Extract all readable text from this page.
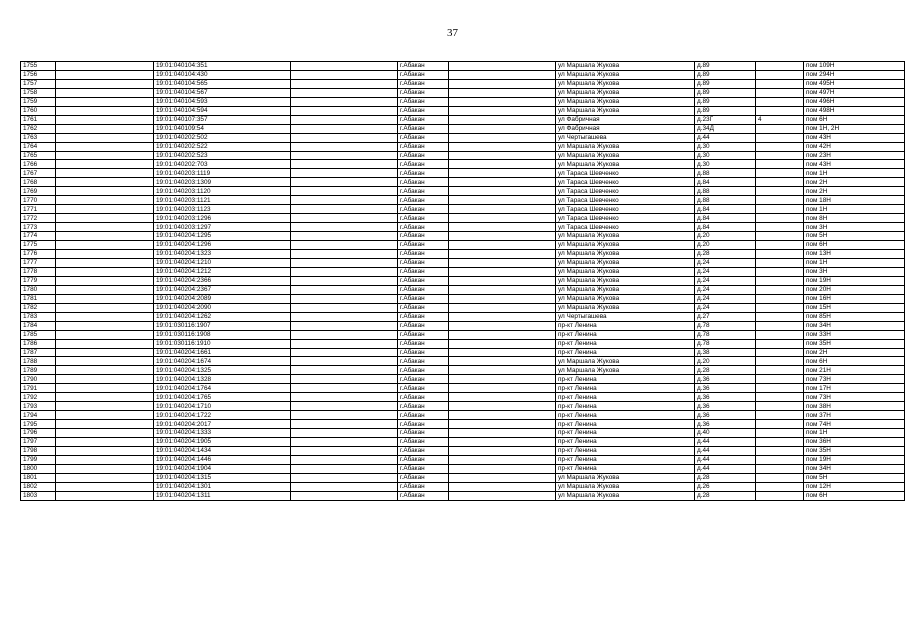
37
1755		19:01:040104:351		г.Абакан		ул Маршала Жукова	д.89		пом 109Н
1756		19:01:040104:430		г.Абакан		ул Маршала Жукова	д.89		пом 294Н
1757		19:01:040104:565		г.Абакан		ул Маршала Жукова	д.89		пом 495Н
1758		19:01:040104:567		г.Абакан		ул Маршала Жукова	д.89		пом 497Н
1759		19:01:040104:593		г.Абакан		ул Маршала Жукова	д.89		пом 496Н
1760		19:01:040104:594		г.Абакан		ул Маршала Жукова	д.89		пом 498Н
1761		19:01:040107:357		г.Абакан		ул Фабричная	д.23Г	4	пом 6Н
1762		19:01:040109:54		г.Абакан		ул Фабричная	д.34Д		пом 1Н, 2Н
1763		19:01:040202:502		г.Абакан		ул Чертыгашева	д.44		пом 43Н
1764		19:01:040202:522		г.Абакан		ул Маршала Жукова	д.30		пом 42Н
1765		19:01:040202:523		г.Абакан		ул Маршала Жукова	д.30		пом 23Н
1766		19:01:040202:703		г.Абакан		ул Маршала Жукова	д.30		пом 43Н
1767		19:01:040203:1119		г.Абакан		ул Тараса Шевченко	д.88		пом 1Н
1768		19:01:040203:1309		г.Абакан		ул Тараса Шевченко	д.84		пом 2Н
1769		19:01:040203:1120		г.Абакан		ул Тараса Шевченко	д.88		пом 2Н
1770		19:01:040203:1121		г.Абакан		ул Тараса Шевченко	д.88		пом 18Н
1771		19:01:040203:1123		г.Абакан		ул Тараса Шевченко	д.84		пом 1Н
1772		19:01:040203:1296		г.Абакан		ул Тараса Шевченко	д.84		пом 8Н
1773		19:01:040203:1297		г.Абакан		ул Тараса Шевченко	д.84		пом 3Н
1774		19:01:040204:1295		г.Абакан		ул Маршала Жукова	д.20		пом 5Н
1775		19:01:040204:1296		г.Абакан		ул Маршала Жукова	д.20		пом 6Н
1776		19:01:040204:1323		г.Абакан		ул Маршала Жукова	д.28		пом 13Н
1777		19:01:040204:1210		г.Абакан		ул Маршала Жукова	д.24		пом 1Н
1778		19:01:040204:1212		г.Абакан		ул Маршала Жукова	д.24		пом 3Н
1779		19:01:040204:2366		г.Абакан		ул Маршала Жукова	д.24		пом 19Н
1780		19:01:040204:2367		г.Абакан		ул Маршала Жукова	д.24		пом 20Н
1781		19:01:040204:2089		г.Абакан		ул Маршала Жукова	д.24		пом 16Н
1782		19:01:040204:2090		г.Абакан		ул Маршала Жукова	д.24		пом 15Н
1783		19:01:040204:1262		г.Абакан		ул Чертыгашева	д.27		пом 85Н
1784		19:01:030116:1907		г.Абакан		пр-кт Ленина	д.78		пом 34Н
1785		19:01:030116:1908		г.Абакан		пр-кт Ленина	д.78		пом 33Н
1786		19:01:030116:1910		г.Абакан		пр-кт Ленина	д.78		пом 35Н
1787		19:01:040204:1661		г.Абакан		пр-кт Ленина	д.38		пом 2Н
1788		19:01:040204:1674		г.Абакан		ул Маршала Жукова	д.20		пом 6Н
1789		19:01:040204:1325		г.Абакан		ул Маршала Жукова	д.28		пом 21Н
1790		19:01:040204:1328		г.Абакан		пр-кт Ленина	д.36		пом 73Н
1791		19:01:040204:1764		г.Абакан		пр-кт Ленина	д.36		пом 17Н
1792		19:01:040204:1765		г.Абакан		пр-кт Ленина	д.36		пом 73Н
1793		19:01:040204:1710		г.Абакан		пр-кт Ленина	д.36		пом 38Н
1794		19:01:040204:1722		г.Абакан		пр-кт Ленина	д.36		пом 37Н
1795		19:01:040204:2017		г.Абакан		пр-кт Ленина	д.36		пом 74Н
1796		19:01:040204:1333		г.Абакан		пр-кт Ленина	д.40		пом 1Н
1797		19:01:040204:1905		г.Абакан		пр-кт Ленина	д.44		пом 36Н
1798		19:01:040204:1434		г.Абакан		пр-кт Ленина	д.44		пом 35Н
1799		19:01:040204:1446		г.Абакан		пр-кт Ленина	д.44		пом 19Н
1800		19:01:040204:1904		г.Абакан		пр-кт Ленина	д.44		пом 34Н
1801		19:01:040204:1315		г.Абакан		ул Маршала Жукова	д.28		пом 5Н
1802		19:01:040204:1301		г.Абакан		ул Маршала Жукова	д.26		пом 12Н
1803		19:01:040204:1311		г.Абакан		ул Маршала Жукова	д.28		пом 6Н
